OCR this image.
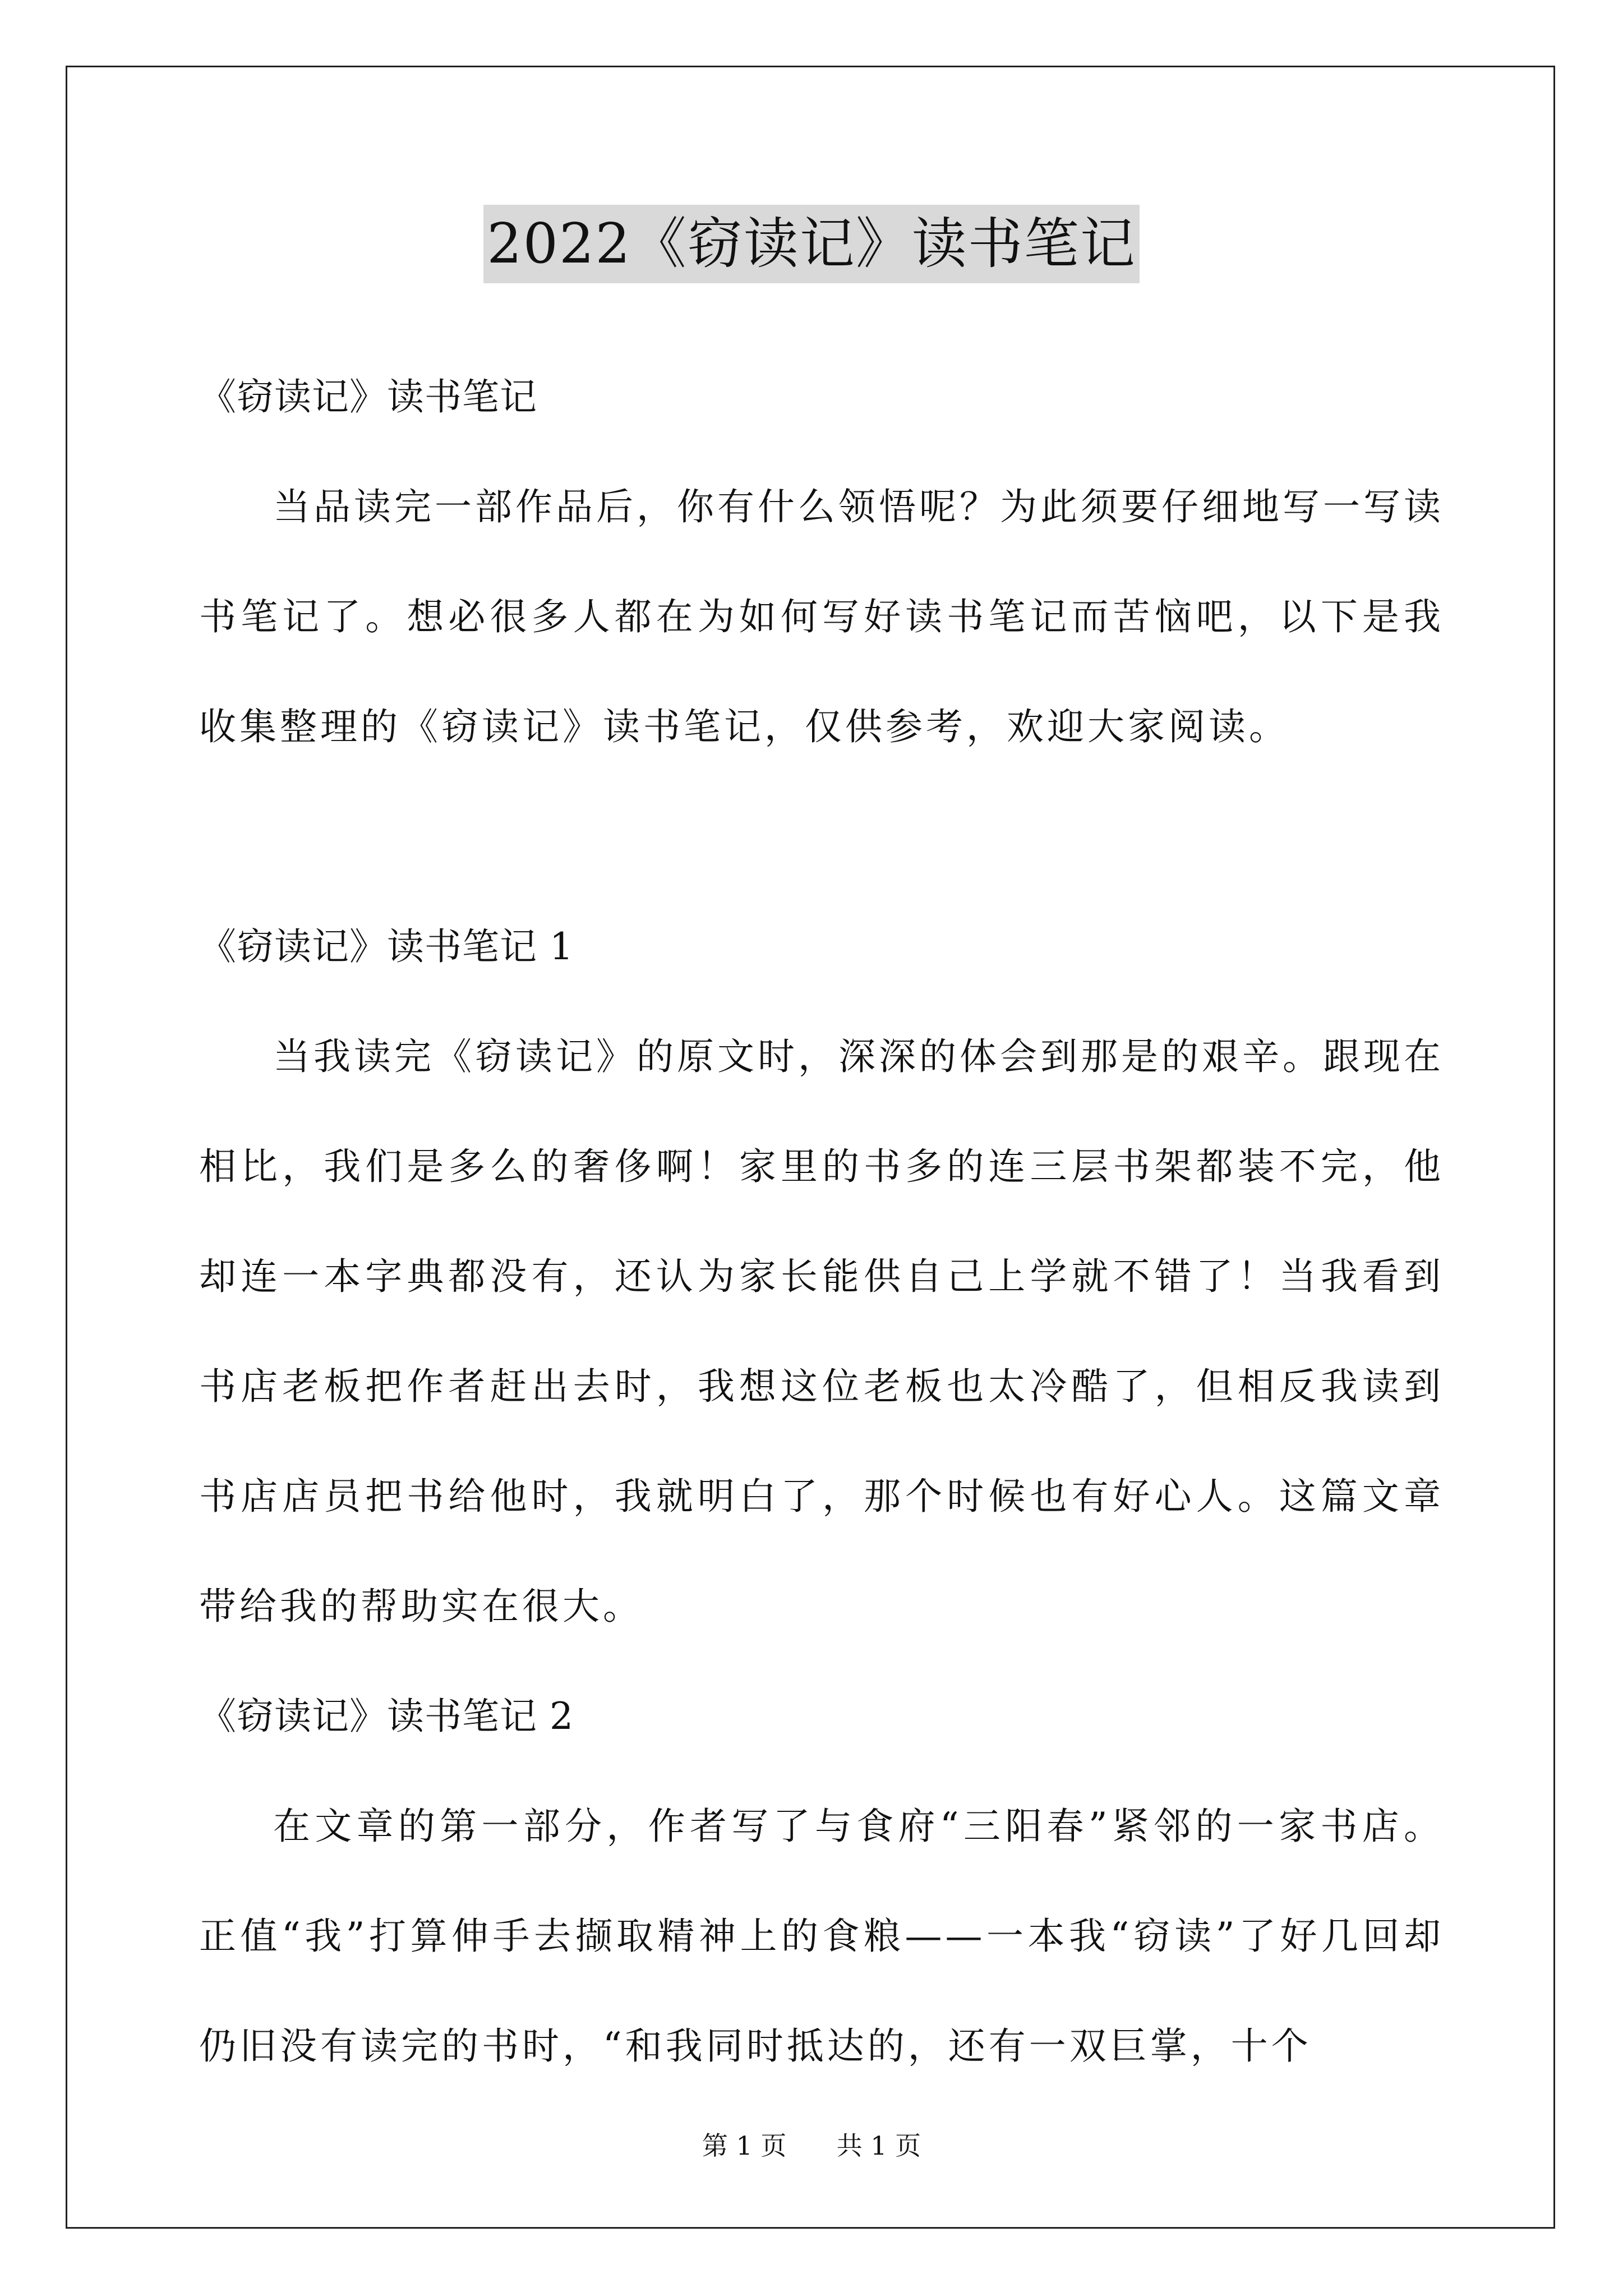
2022《窃读记》读书笔记

《窃读记》读书笔记

当品读完一部作品后，你有什么领悟呢？为此须要仔细地写一写读书笔记了。想必很多人都在为如何写好读书笔记而苦恼吧，以下是我收集整理的《窃读记》读书笔记，仅供参考，欢迎大家阅读。

《窃读记》读书笔记 1

当我读完《窃读记》的原文时，深深的体会到那是的艰辛。跟现在相比，我们是多么的奢侈啊！家里的书多的连三层书架都装不完，他却连一本字典都没有，还认为家长能供自己上学就不错了！当我看到书店老板把作者赶出去时，我想这位老板也太冷酷了，但相反我读到书店店员把书给他时，我就明白了，那个时候也有好心人。这篇文章带给我的帮助实在很大。

《窃读记》读书笔记 2

在文章的第一部分，作者写了与食府“三阳春”紧邻的一家书店。正值“我”打算伸手去撷取精神上的食粮——一本我“窃读”了好几回却仍旧没有读完的书时，“和我同时抵达的，还有一双巨掌，十个

第 1 页 共 1 页
